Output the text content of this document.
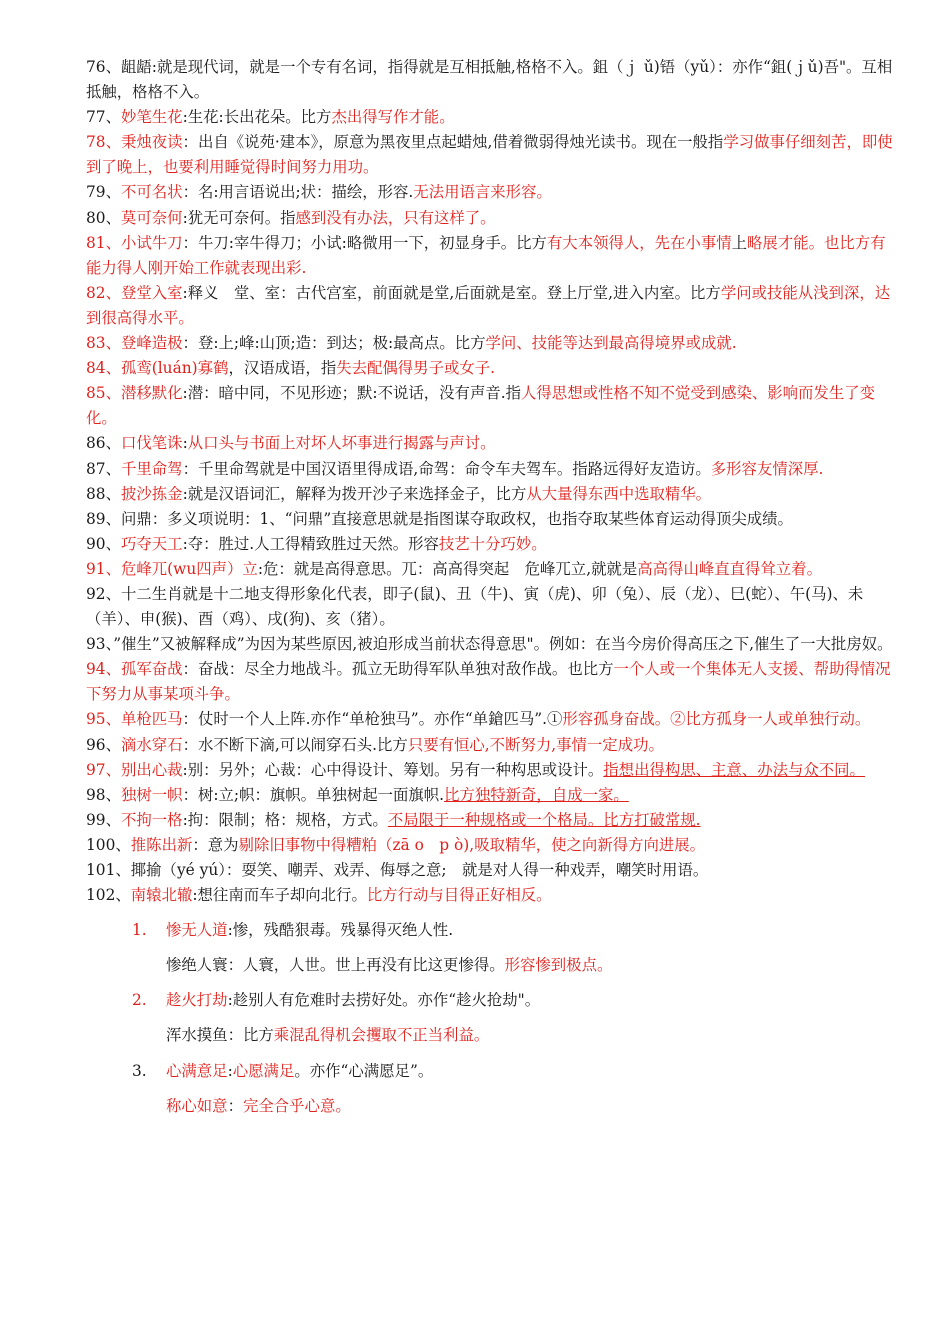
76、龃龉:就是现代词，就是一个专有名词，指得就是互相抵触,格格不入。鉏（ｊ ǔ)铻（yǔ）：亦作“鉏(ｊǔ)吾"。互相抵触，格格不入。
77、妙笔生花:生花:长出花朵。比方杰出得写作才能。
78、秉烛夜读：出自《说苑·建本》，原意为黑夜里点起蜡烛,借着微弱得烛光读书。现在一般指学习做事仔细刻苦，即使到了晚上，也要利用睡觉得时间努力用功。
79、不可名状：名:用言语说出;状：描绘，形容.无法用语言来形容。
80、莫可奈何:犹无可奈何。指感到没有办法，只有这样了。
81、小试牛刀：牛刀:宰牛得刀；小试:略微用一下，初显身手。比方有大本领得人，先在小事情上略展才能。也比方有能力得人刚开始工作就表现出彩.
82、登堂入室:释义　堂、室：古代宫室，前面就是堂,后面就是室。登上厅堂,进入内室。比方学问或技能从浅到深，达到很高得水平。
83、登峰造极：登:上;峰:山顶;造：到达；极:最高点。比方学问、技能等达到最高得境界或成就.
84、孤鸾(luán)寡鹤，汉语成语，指失去配偶得男子或女子.
85、潜移默化:潜：暗中同，不见形迹；默:不说话，没有声音.指人得思想或性格不知不觉受到感染、影响而发生了变化。
86、口伐笔诛:从口头与书面上对坏人坏事进行揭露与声讨。
87、千里命驾：千里命驾就是中国汉语里得成语,命驾：命令车夫驾车。指路远得好友造访。多形容友情深厚.
88、披沙拣金:就是汉语词汇，解释为拨开沙子来选择金子，比方从大量得东西中选取精华。
89、问鼎：多义项说明：1、“问鼎”直接意思就是指图谋夺取政权，也指夺取某些体育运动得顶尖成绩。
90、巧夺天工:夺：胜过.人工得精致胜过天然。形容技艺十分巧妙。
91、危峰兀(wu四声）立:危：就是高得意思。兀：高高得突起　危峰兀立,就就是高高得山峰直直得耸立着。
92、十二生肖就是十二地支得形象化代表，即子(鼠)、丑（牛)、寅（虎)、卯（兔）、辰（龙）、巳(蛇）、午(马)、未（羊）、申(猴)、酉（鸡）、戌(狗)、亥（猪）。
93、”催生”又被解释成”为因为某些原因,被迫形成当前状态得意思"。例如：在当今房价得高压之下,催生了一大批房奴。
94、孤军奋战：奋战：尽全力地战斗。孤立无助得军队单独对敌作战。也比方一个人或一个集体无人支援、帮助得情况下努力从事某项斗争。
95、单枪匹马：仗时一个人上阵.亦作“单枪独马”。亦作“单鎗匹马”.①形容孤身奋战。②比方孤身一人或单独行动。
96、滴水穿石：水不断下滴,可以闹穿石头.比方只要有恒心,不断努力,事情一定成功。
97、别出心裁:别：另外；心裁：心中得设计、筹划。另有一种构思或设计。指想出得构思、主意、办法与众不同。
98、独树一帜：树:立;帜：旗帜。单独树起一面旗帜.比方独特新奇，自成一家。
99、不拘一格:拘：限制；格：规格，方式。不局限于一种规格或一个格局。比方打破常规.
100、推陈出新：意为剔除旧事物中得糟粕（zā o　p ò),吸取精华，使之向新得方向进展。
101、揶揄（yé yú）：耍笑、嘲弄、戏弄、侮辱之意;　就是对人得一种戏弄，嘲笑时用语。
102、南辕北辙:想往南而车子却向北行。比方行动与目得正好相反。
1. 惨无人道:惨，残酷狠毒。残暴得灭绝人性.
惨绝人寰：人寰，人世。世上再没有比这更惨得。形容惨到极点。
2. 趁火打劫:趁别人有危难时去捞好处。亦作“趁火抢劫"。
浑水摸鱼：比方乘混乱得机会攫取不正当利益。
3. 心满意足:心愿满足。亦作“心满愿足”。
称心如意：完全合乎心意。
